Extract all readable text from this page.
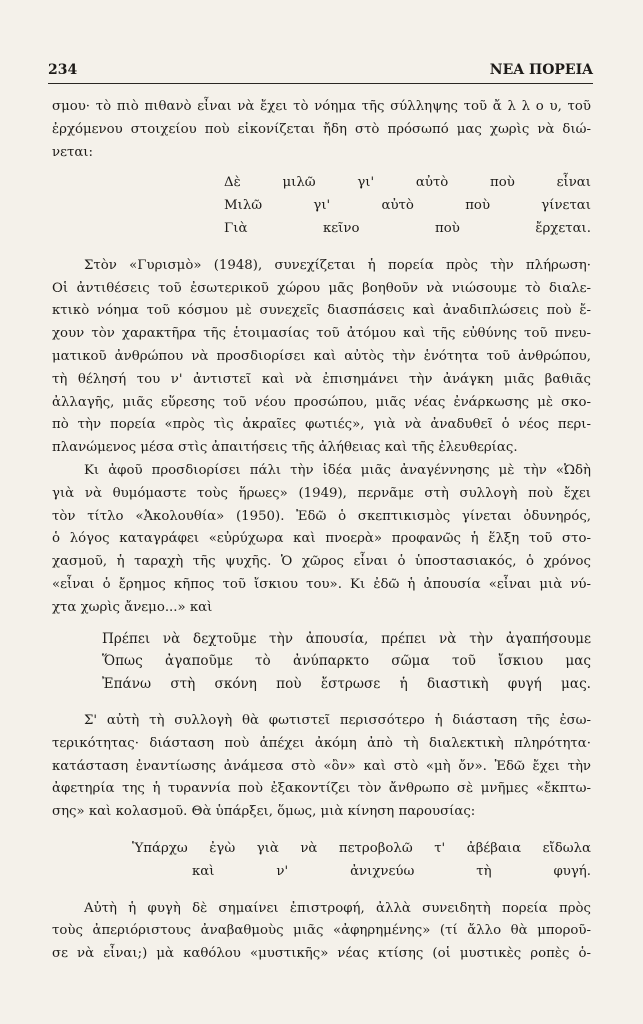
234	ΝΕΑ ΠΟΡΕΙΑ

σμου· τὸ πιὸ πιθανὸ εἶναι νὰ ἔχει τὸ νόημα τῆς σύλληψης τοῦ ἄ λ λ ο υ, τοῦ

ἐρχόμενου στοιχείου ποὺ εἰκονίζεται ἤδη στὸ πρόσωπό μας χωρὶς νὰ διώ-

νεται:

Δὲ μιλῶ γι' αὐτὸ ποὺ εἶναι

Μιλῶ γι' αὐτὸ ποὺ γίνεται

Γιὰ κεῖνο ποὺ ἔρχεται.

Στὸν «Γυρισμὸ» (1948), συνεχίζεται ἡ πορεία πρὸς τὴν πλήρωση·

Οἱ ἀντιθέσεις τοῦ ἐσωτερικοῦ χώρου μᾶς βοηθοῦν νὰ νιώσουμε τὸ διαλε-

κτικὸ νόημα τοῦ κόσμου μὲ συνεχεῖς διασπάσεις καὶ ἀναδιπλώσεις ποὺ ἔ-

χουν τὸν χαρακτῆρα τῆς ἑτοιμασίας τοῦ ἀτόμου καὶ τῆς εὐθύνης τοῦ πνευ-

ματικοῦ ἀνθρώπου νὰ προσδιορίσει καὶ αὐτὸς τὴν ἑνότητα τοῦ ἀνθρώπου,

τὴ θέλησή του ν' ἀντιστεῖ καὶ νὰ ἐπισημάνει τὴν ἀνάγκη μιᾶς βαθιᾶς

ἀλλαγῆς, μιᾶς εὕρεσης τοῦ νέου προσώπου, μιᾶς νέας ἐνάρκωσης μὲ σκο-

πὸ τὴν πορεία «πρὸς τὶς ἀκραῖες φωτιές», γιὰ νὰ ἀναδυθεῖ ὁ νέος περι-

πλανώμενος μέσα στὶς ἀπαιτήσεις τῆς ἀλήθειας καὶ τῆς ἐλευθερίας.

Κι ἀφοῦ προσδιορίσει πάλι τὴν ἰδέα μιᾶς ἀναγέννησης μὲ τὴν «Ὠδὴ

γιὰ νὰ θυμόμαστε τοὺς ἥρωες» (1949), περνᾶμε στὴ συλλογὴ ποὺ ἔχει

τὸν τίτλο «Ἀκολουθία» (1950). Ἐδῶ ὁ σκεπτικισμὸς γίνεται ὀδυνηρός,

ὁ λόγος καταγράφει «εὐρύχωρα καὶ πνοερὰ» προφανῶς ἡ ἕλξη τοῦ στο-

χασμοῦ, ἡ ταραχὴ τῆς ψυχῆς. Ὁ χῶρος εἶναι ὁ ὑποστασιακός, ὁ χρόνος

«εἶναι ὁ ἔρημος κῆπος τοῦ ἴσκιου του». Κι ἐδῶ ἡ ἀπουσία «εἶναι μιὰ νύ-

χτα χωρὶς ἄνεμο...» καὶ

Πρέπει νὰ δεχτοῦμε τὴν ἀπουσία, πρέπει νὰ τὴν ἀγαπήσουμε

Ὅπως ἀγαποῦμε τὸ ἀνύπαρκτο σῶμα τοῦ ἴσκιου μας

Ἐπάνω στὴ σκόνη ποὺ ἔστρωσε ἡ διαστικὴ φυγή μας.

Σ' αὐτὴ τὴ συλλογὴ θὰ φωτιστεῖ περισσότερο ἡ διάσταση τῆς ἐσω-

τερικότητας· διάσταση ποὺ ἀπέχει ἀκόμη ἀπὸ τὴ διαλεκτικὴ πληρότητα·

κατάσταση ἐναντίωσης ἀνάμεσα στὸ «ὂν» καὶ στὸ «μὴ ὄν». Ἐδῶ ἔχει τὴν

ἀφετηρία της ἡ τυραννία ποὺ ἐξακοντίζει τὸν ἄνθρωπο σὲ μνῆμες «ἔκπτω-

σης» καὶ κολασμοῦ. Θὰ ὑπάρξει, ὅμως, μιὰ κίνηση παρουσίας:

Ὑπάρχω ἐγὼ γιὰ νὰ πετροβολῶ τ' ἀβέβαια εἴδωλα

καὶ ν' ἀνιχνεύω τὴ φυγή.

Αὐτὴ ἡ φυγὴ δὲ σημαίνει ἐπιστροφή, ἀλλὰ συνειδητὴ πορεία πρὸς

τοὺς ἀπεριόριστους ἀναβαθμοὺς μιᾶς «ἀφηρημένης» (τί ἄλλο θὰ μποροῦ-

σε νὰ εἶναι;) μὰ καθόλου «μυστικῆς» νέας κτίσης (οἱ μυστικὲς ροπὲς ὁ-
